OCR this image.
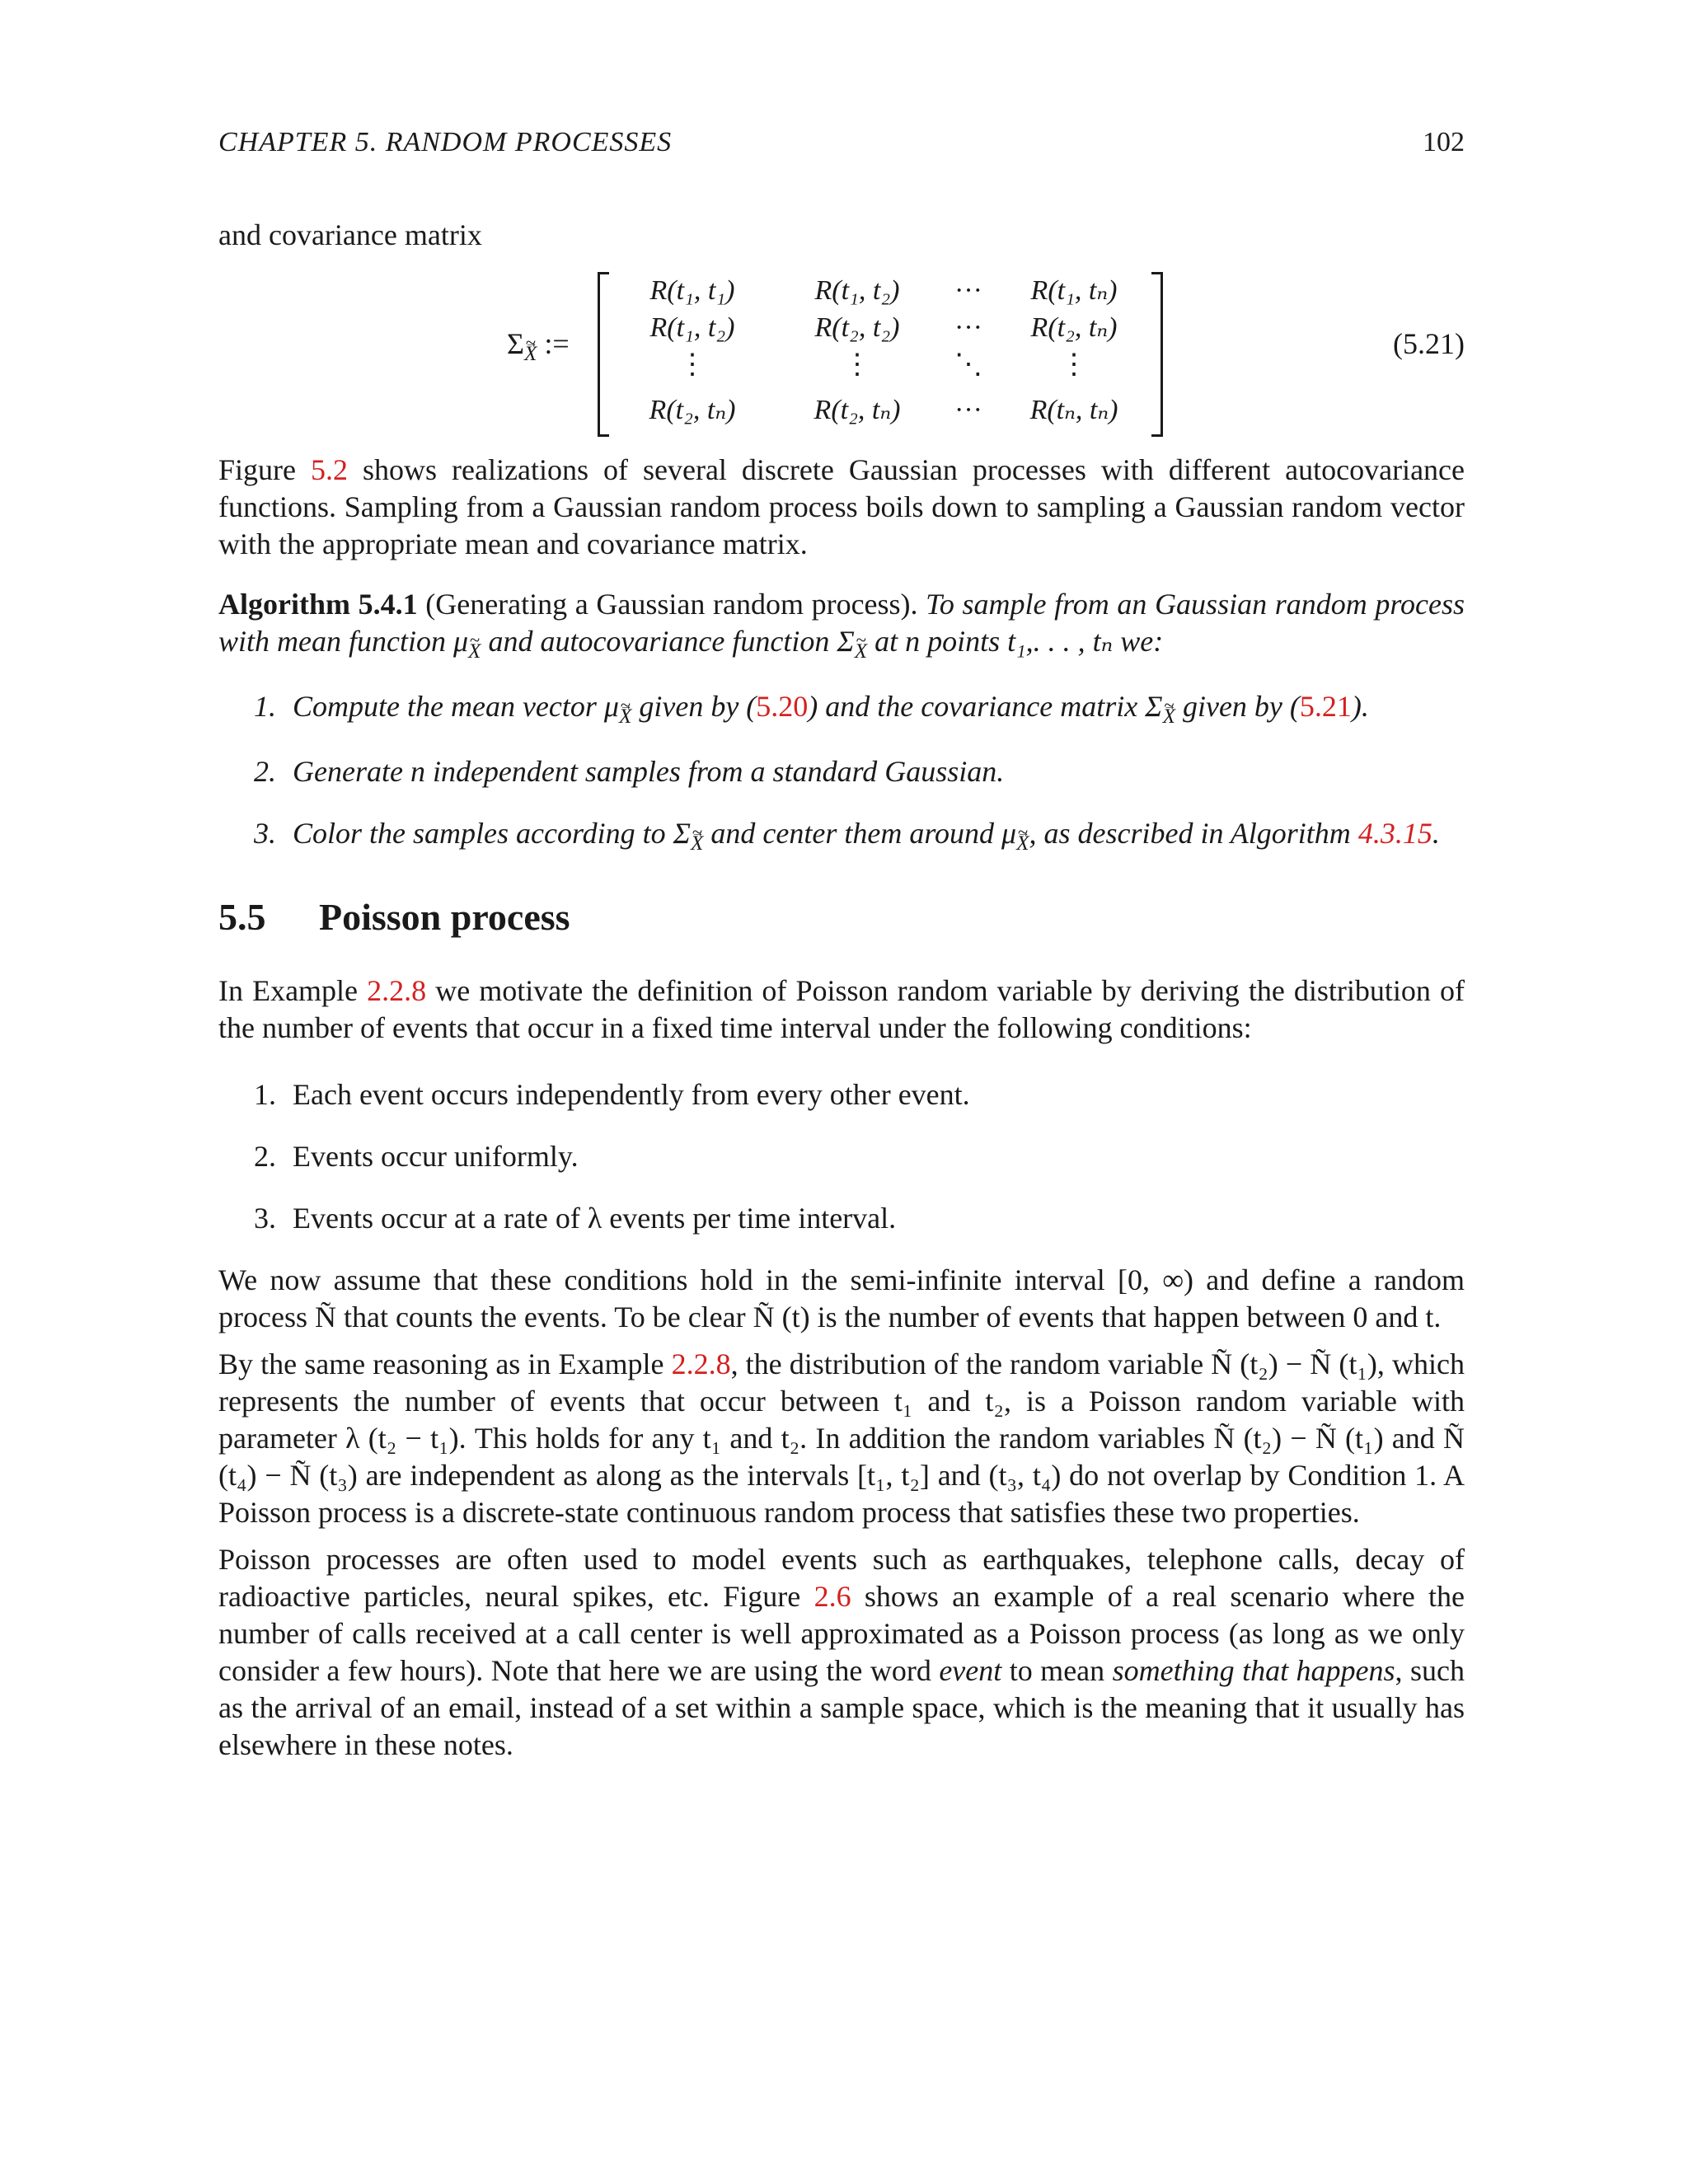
CHAPTER 5. RANDOM PROCESSES	102

and covariance matrix

Σ→ ~ $_X$ :=
R(t₁, t₁)	R(t₁, t₂)	···	R(t₁, tₙ)
R(t₁, t₂)	R(t₂, t₂)	···	R(t₂, tₙ)
⋮	⋮	⋱	⋮
R(t₂, tₙ)	R(t₂, tₙ)	···	R(tₙ, tₙ)
(5.21)

Figure 5.2 shows realizations of several discrete Gaussian processes with different autocovariance functions. Sampling from a Gaussian random process boils down to sampling a Gaussian random vector with the appropriate mean and covariance matrix.

Algorithm 5.4.1 (Generating a Gaussian random process). To sample from an Gaussian random process with mean function μ~ $_X$ and autocovariance function Σ~ $_X$ at n points t₁,. . . , tₙ we:

1. Compute the mean vector μ→ ~ $_X$ given by (5.20) and the covariance matrix Σ→ ~ $_X$ given by (5.21).
2. Generate n independent samples from a standard Gaussian.
3. Color the samples according to Σ→ ~ $_X$ and center them around μ→ ~ $_X$, as described in Algorithm 4.3.15.
5.5	Poisson process

In Example 2.2.8 we motivate the definition of Poisson random variable by deriving the distribution of the number of events that occur in a fixed time interval under the following conditions:

1. Each event occurs independently from every other event.
2. Events occur uniformly.
3. Events occur at a rate of λ events per time interval.

We now assume that these conditions hold in the semi-infinite interval [0, ∞) and define a random process Ñ that counts the events. To be clear Ñ (t) is the number of events that happen between 0 and t.

By the same reasoning as in Example 2.2.8, the distribution of the random variable Ñ (t₂) − Ñ (t₁), which represents the number of events that occur between t₁ and t₂, is a Poisson random variable with parameter λ (t₂ − t₁). This holds for any t₁ and t₂. In addition the random variables Ñ (t₂) − Ñ (t₁) and Ñ (t₄) − Ñ (t₃) are independent as along as the intervals [t₁, t₂] and (t₃, t₄) do not overlap by Condition 1. A Poisson process is a discrete-state continuous random process that satisfies these two properties.

Poisson processes are often used to model events such as earthquakes, telephone calls, decay of radioactive particles, neural spikes, etc. Figure 2.6 shows an example of a real scenario where the number of calls received at a call center is well approximated as a Poisson process (as long as we only consider a few hours). Note that here we are using the word event to mean something that happens, such as the arrival of an email, instead of a set within a sample space, which is the meaning that it usually has elsewhere in these notes.
